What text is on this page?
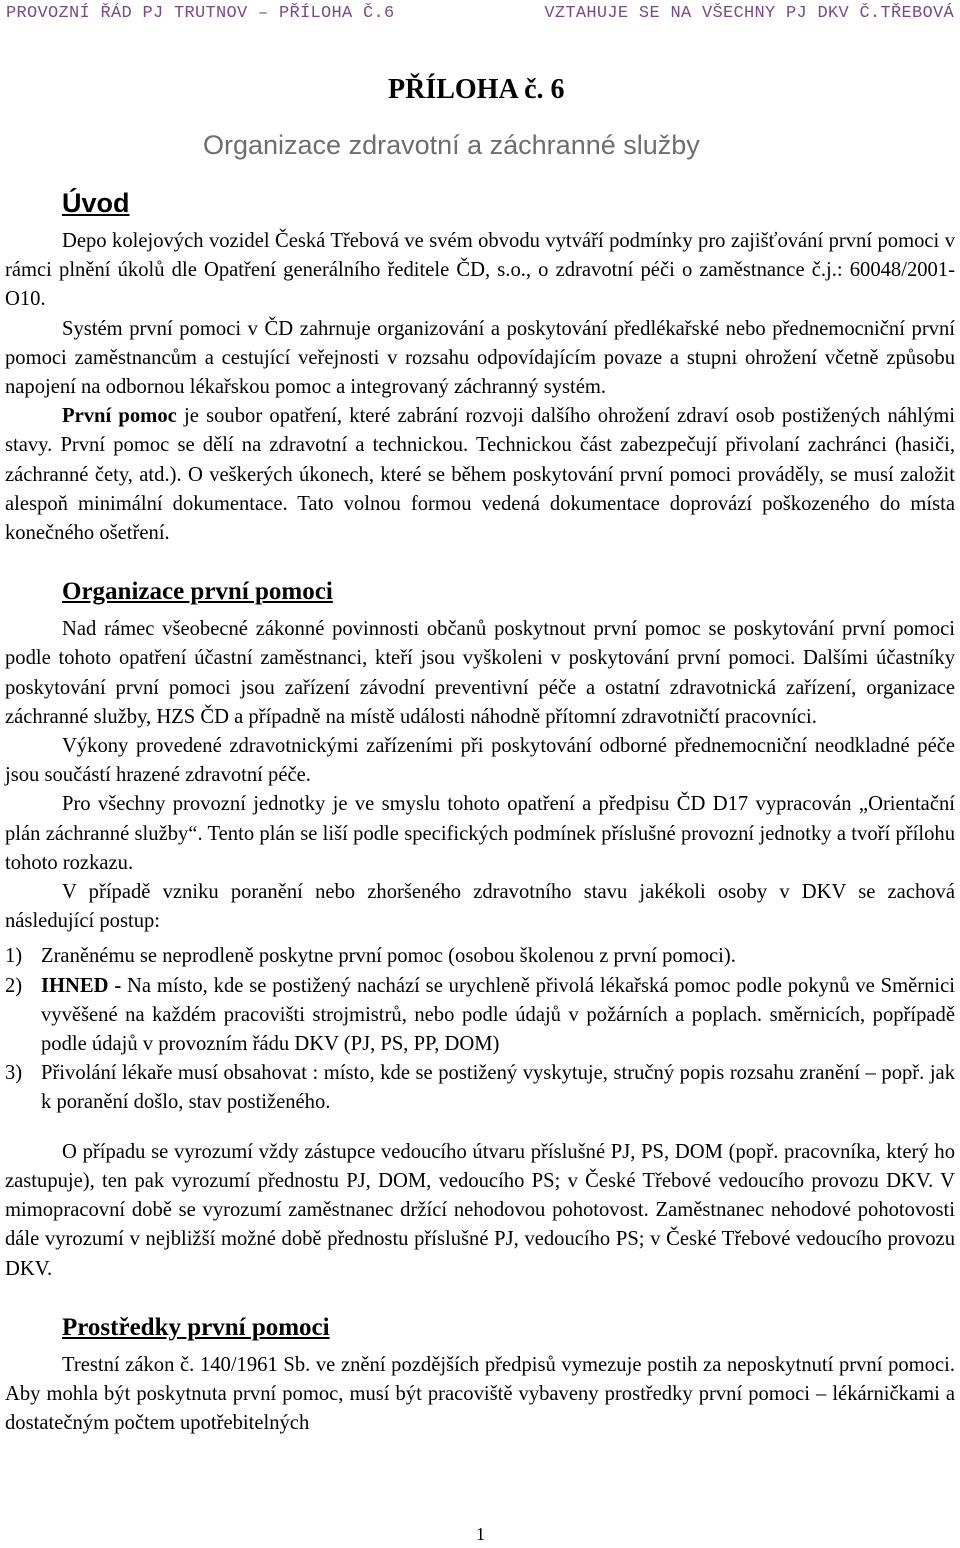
PROVOZNÍ ŘÁD PJ TRUTNOV – PŘÍLOHA Č.6	VZTAHUJE SE NA VŠECHNY PJ DKV Č.TŘEBOVÁ
PŘÍLOHA č. 6
Organizace zdravotní a záchranné služby
Úvod

Depo kolejových vozidel Česká Třebová ve svém obvodu vytváří podmínky pro zajišťování první pomoci v rámci plnění úkolů dle Opatření generálního ředitele ČD, s.o., o zdravotní péči o zaměstnance č.j.: 60048/2001-O10.

Systém první pomoci v ČD zahrnuje organizování a poskytování předlékařské nebo přednemocniční první pomoci zaměstnancům a cestující veřejnosti v rozsahu odpovídajícím povaze a stupni ohrožení včetně způsobu napojení na odbornou lékařskou pomoc a integrovaný záchranný systém.

První pomoc je soubor opatření, které zabrání rozvoji dalšího ohrožení zdraví osob postižených náhlými stavy. První pomoc se dělí na zdravotní a technickou. Technickou část zabezpečují přivolaní zachránci (hasiči, záchranné čety, atd.). O veškerých úkonech, které se během poskytování první pomoci prováděly, se musí založit alespoň minimální dokumentace. Tato volnou formou vedená dokumentace doprovází poškozeného do místa konečného ošetření.

Organizace první pomoci

Nad rámec všeobecné zákonné povinnosti občanů poskytnout první pomoc se poskytování první pomoci podle tohoto opatření účastní zaměstnanci, kteří jsou vyškoleni v poskytování první pomoci. Dalšími účastníky poskytování první pomoci jsou zařízení závodní preventivní péče a ostatní zdravotnická zařízení, organizace záchranné služby, HZS ČD a případně na místě události náhodně přítomní zdravotničtí pracovníci.

Výkony provedené zdravotnickými zařízeními při poskytování odborné přednemocniční neodkladné péče jsou součástí hrazené zdravotní péče.

Pro všechny provozní jednotky je ve smyslu tohoto opatření a předpisu ČD D17 vypracován „Orientační plán záchranné služby“. Tento plán se liší podle specifických podmínek příslušné provozní jednotky a tvoří přílohu tohoto rozkazu.

V případě vzniku poranění nebo zhoršeného zdravotního stavu jakékoli osoby v DKV se zachová následující postup:

1) Zraněnému se neprodleně poskytne první pomoc (osobou školenou z první pomoci).
2) IHNED - Na místo, kde se postižený nachází se urychleně přivolá lékařská pomoc podle pokynů ve Směrnici vyvěšené na každém pracovišti strojmistrů, nebo podle údajů v požárních a poplach. směrnicích, popřípadě podle údajů v provozním řádu DKV (PJ, PS, PP, DOM)
3) Přivolání lékaře musí obsahovat : místo, kde se postižený vyskytuje, stručný popis rozsahu zranění – popř. jak k poranění došlo, stav postiženého.

O případu se vyrozumí vždy zástupce vedoucího útvaru příslušné PJ, PS, DOM (popř. pracovníka, který ho zastupuje), ten pak vyrozumí přednostu PJ, DOM, vedoucího PS; v České Třebové vedoucího provozu DKV. V mimopracovní době se vyrozumí zaměstnanec držící nehodovou pohotovost. Zaměstnanec nehodové pohotovosti dále vyrozumí v nejbližší možné době přednostu příslušné PJ, vedoucího PS; v České Třebové vedoucího provozu DKV.

Prostředky první pomoci

Trestní zákon č. 140/1961 Sb. ve znění pozdějších předpisů vymezuje postih za neposkytnutí první pomoci. Aby mohla být poskytnuta první pomoc, musí být pracoviště vybaveny prostředky první pomoci – lékárničkami a dostatečným počtem upotřebitelných

1
